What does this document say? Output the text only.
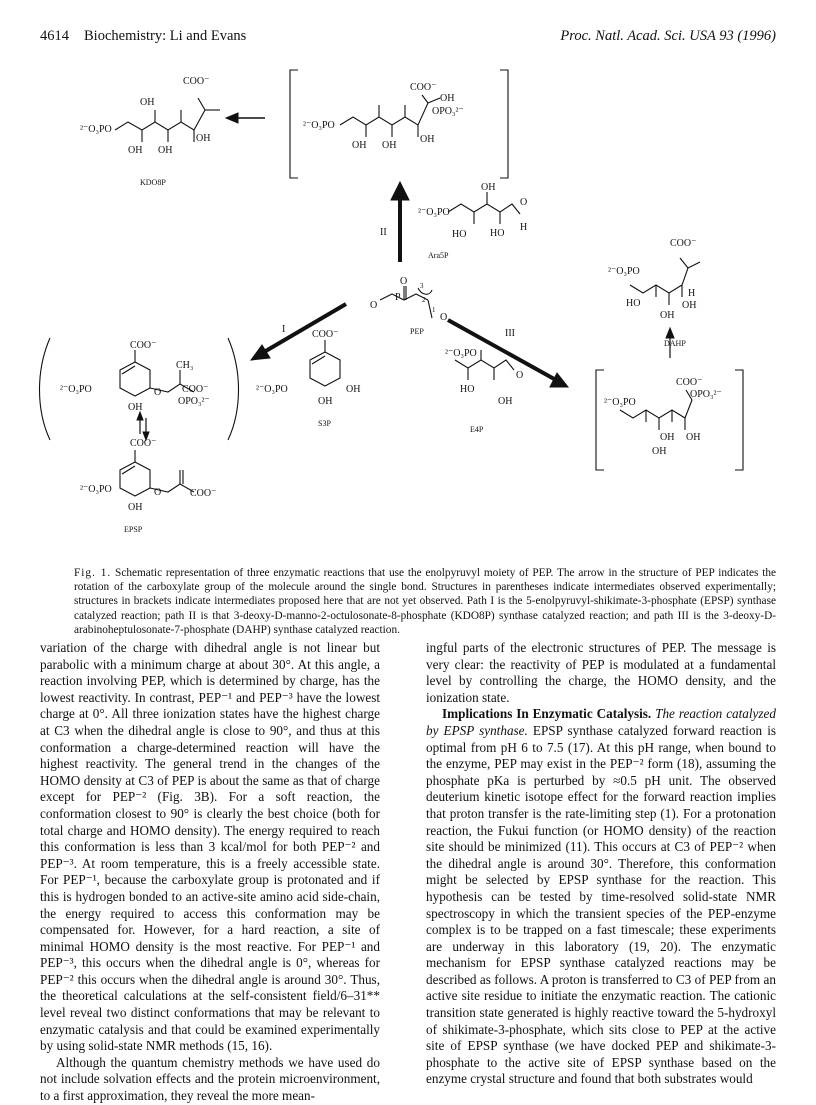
4614 Biochemistry: Li and Evans	Proc. Natl. Acad. Sci. USA 93 (1996)
COO⁻
OH
²⁻O₃PO
OH
OH OH
KDO8P
COO⁻
OH
OPO₃²⁻
²⁻O₃PO
OH
OH OH
²⁻O₃PO
OH
O
HO HO
H
Ara5P
O
P
3
2
1
O
O
PEP
II
I	III
COO⁻
²⁻O₃PO
HO
H
OH
OH
DAHP
COO⁻
OPO₃²⁻
²⁻O₃PO
OH
OH
OH
²⁻O₃PO
HO
OH
O
E4P
COO⁻
²⁻O₃PO	OH
OH
S3P
COO⁻
CH₃
²⁻O₃PO	O COO⁻
OPO₃²⁻
OH
COO⁻
²⁻O₃PO	O	COO⁻
OH
EPSP
Fig. 1. Schematic representation of three enzymatic reactions that use the enolpyruvyl moiety of PEP. The arrow in the structure of PEP indicates the rotation of the carboxylate group of the molecule around the single bond. Structures in parentheses indicate intermediates observed experimentally; structures in brackets indicate intermediates proposed here that are not yet observed. Path I is the 5-enolpyruvyl-shikimate-3-phosphate (EPSP) synthase catalyzed reaction; path II is that 3-deoxy-D-manno-2-octulosonate-8-phosphate (KDO8P) synthase catalyzed reaction; and path III is the 3-deoxy-D-arabinoheptulosonate-7-phosphate (DAHP) synthase catalyzed reaction.

variation of the charge with dihedral angle is not linear but parabolic with a minimum charge at about 30°. At this angle, a reaction involving PEP, which is determined by charge, has the lowest reactivity. In contrast, PEP⁻¹ and PEP⁻³ have the lowest charge at 0°. All three ionization states have the highest charge at C3 when the dihedral angle is close to 90°, and thus at this conformation a charge-determined reaction will have the highest reactivity. The general trend in the changes of the HOMO density at C3 of PEP is about the same as that of charge except for PEP⁻² (Fig. 3B). For a soft reaction, the conformation closest to 90° is clearly the best choice (both for total charge and HOMO density). The energy required to reach this conformation is less than 3 kcal/mol for both PEP⁻² and PEP⁻³. At room temperature, this is a freely accessible state. For PEP⁻¹, because the carboxylate group is protonated and if this is hydrogen bonded to an active-site amino acid side-chain, the energy required to access this conformation may be compensated for. However, for a hard reaction, a site of minimal HOMO density is the most reactive. For PEP⁻¹ and PEP⁻³, this occurs when the dihedral angle is 0°, whereas for PEP⁻² this occurs when the dihedral angle is around 30°. Thus, the theoretical calculations at the self-consistent field/6–31** level reveal two distinct conformations that may be relevant to enzymatic catalysis and that could be examined experimentally by using solid-state NMR methods (15, 16).

Although the quantum chemistry methods we have used do not include solvation effects and the protein microenvironment, to a first approximation, they reveal the more mean-

ingful parts of the electronic structures of PEP. The message is very clear: the reactivity of PEP is modulated at a fundamental level by controlling the charge, the HOMO density, and the ionization state.

Implications In Enzymatic Catalysis. The reaction catalyzed by EPSP synthase. EPSP synthase catalyzed forward reaction is optimal from pH 6 to 7.5 (17). At this pH range, when bound to the enzyme, PEP may exist in the PEP⁻² form (18), assuming the phosphate pKa is perturbed by ≈0.5 pH unit. The observed deuterium kinetic isotope effect for the forward reaction implies that proton transfer is the rate-limiting step (1). For a protonation reaction, the Fukui function (or HOMO density) of the reaction site should be minimized (11). This occurs at C3 of PEP⁻² when the dihedral angle is around 30°. Therefore, this conformation might be selected by EPSP synthase for the reaction. This hypothesis can be tested by time-resolved solid-state NMR spectroscopy in which the transient species of the PEP-enzyme complex is to be trapped on a fast timescale; these experiments are underway in this laboratory (19, 20). The enzymatic mechanism for EPSP synthase catalyzed reactions may be described as follows. A proton is transferred to C3 of PEP from an active site residue to initiate the enzymatic reaction. The cationic transition state generated is highly reactive toward the 5-hydroxyl of shikimate-3-phosphate, which sits close to PEP at the active site of EPSP synthase (we have docked PEP and shikimate-3-phosphate to the active site of EPSP synthase based on the enzyme crystal structure and found that both substrates would
